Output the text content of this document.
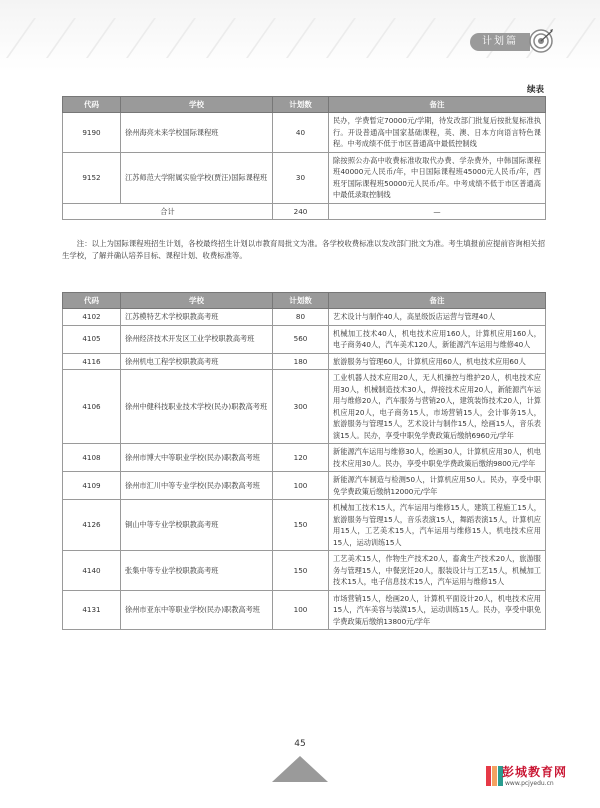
计划篇
续表
代码	学校	计划数	备注
9190	徐州海亮未来学校国际课程班	40	民办，学费暂定70000元/学期，待发改部门批复后按批复标准执行。开设普通高中国家基础课程，英、澳、日本方向语言特色课程。中考成绩不低于市区普通高中最低控制线
9152	江苏师范大学附属实验学校(贾汪)国际课程班	30	除按照公办高中收费标准收取代办费、学杂费外，中韩国际课程班40000元人民币/年，中日国际课程班45000元人民币/年，西班牙国际课程班50000元人民币/年。中考成绩不低于市区普通高中最低录取控制线
合计		240	—
注：以上为国际课程班招生计划，各校最终招生计划以市教育局批文为准。各学校收费标准以发改部门批文为准。考生填报前应提前咨询相关招生学校，了解并确认培养目标、课程计划、收费标准等。
代码	学校	计划数	备注
4102	江苏模特艺术学校职教高考班	80	艺术设计与制作40人，高星级饭店运营与管理40人
4105	徐州经济技术开发区工业学校职教高考班	560	机械加工技术40人，机电技术应用160人，计算机应用160人，电子商务40人，汽车美术120人，新能源汽车运用与维修40人
4116	徐州机电工程学校职教高考班	180	旅游服务与管理60人，计算机应用60人，机电技术应用60人
4106	徐州中健科技职业技术学校(民办)职教高考班	300	工业机器人技术应用20人，无人机操控与维护20人，机电技术应用30人，机械制造技术30人，焊接技术应用20人，新能源汽车运用与维修20人，汽车服务与营销20人，建筑装饰技术20人，计算机应用20人，电子商务15人，市场营销15人，会计事务15人，旅游服务与管理15人，艺术设计与制作15人，绘画15人，音乐表演15人。民办，享受中职免学费政策后缴纳6960元/学年
4108	徐州市博大中等职业学校(民办)职教高考班	120	新能源汽车运用与维修30人，绘画30人，计算机应用30人，机电技术应用30人。民办，享受中职免学费政策后缴纳9800元/学年
4109	徐州市汇川中等专业学校(民办)职教高考班	100	新能源汽车制造与检测50人，计算机应用50人。民办，享受中职免学费政策后缴纳12000元/学年
4126	铜山中等专业学校职教高考班	150	机械加工技术15人，汽车运用与维修15人，建筑工程施工15人，旅游服务与管理15人，音乐表演15人，舞蹈表演15人，计算机应用15人，工艺美术15人，汽车运用与维修15人，机电技术应用15人，运动训练15人
4140	张集中等专业学校职教高考班	150	工艺美术15人，作物生产技术20人，畜禽生产技术20人，旅游服务与管理15人，中餐烹饪20人，服装设计与工艺15人，机械加工技术15人，电子信息技术15人，汽车运用与维修15人
4131	徐州市亚东中等职业学校(民办)职教高考班	100	市场营销15人，绘画20人，计算机平面设计20人，机电技术应用15人，汽车美容与装潢15人，运动训练15人。民办，享受中职免学费政策后缴纳13800元/学年
45
彭城教育网
www.pcjyedu.cn
